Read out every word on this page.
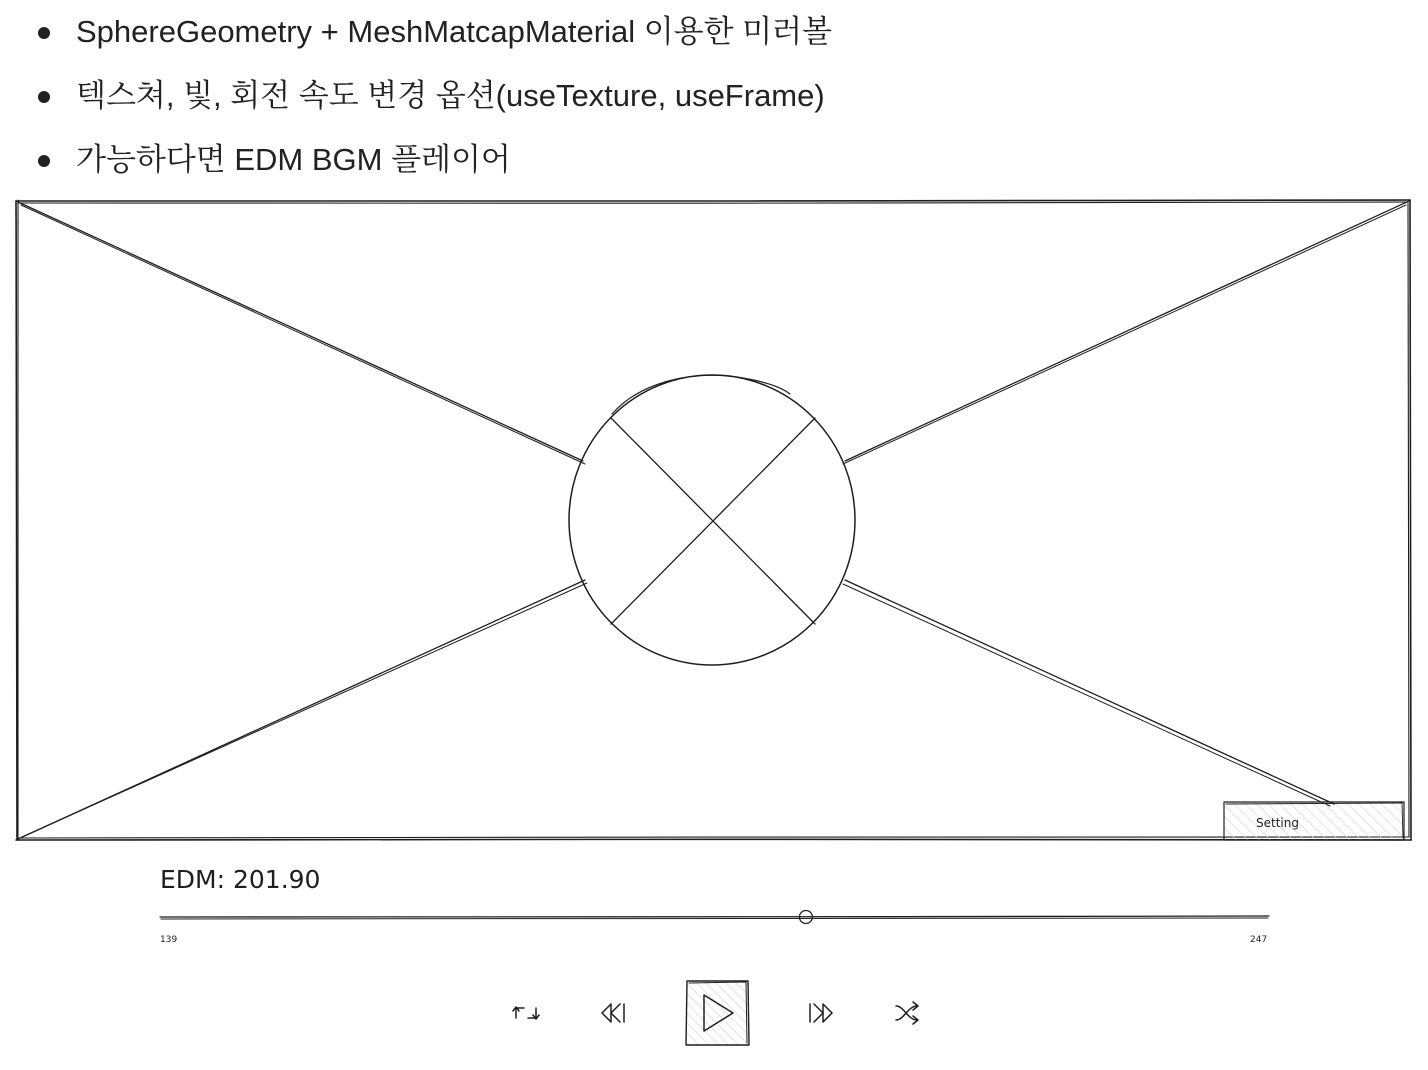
SphereGeometry + MeshMatcapMaterial 이용한 미러볼
텍스쳐, 빛, 회전 속도 변경 옵션(useTexture, useFrame)
가능하다면 EDM BGM 플레이어
Setting
EDM: 201.90
139	247
